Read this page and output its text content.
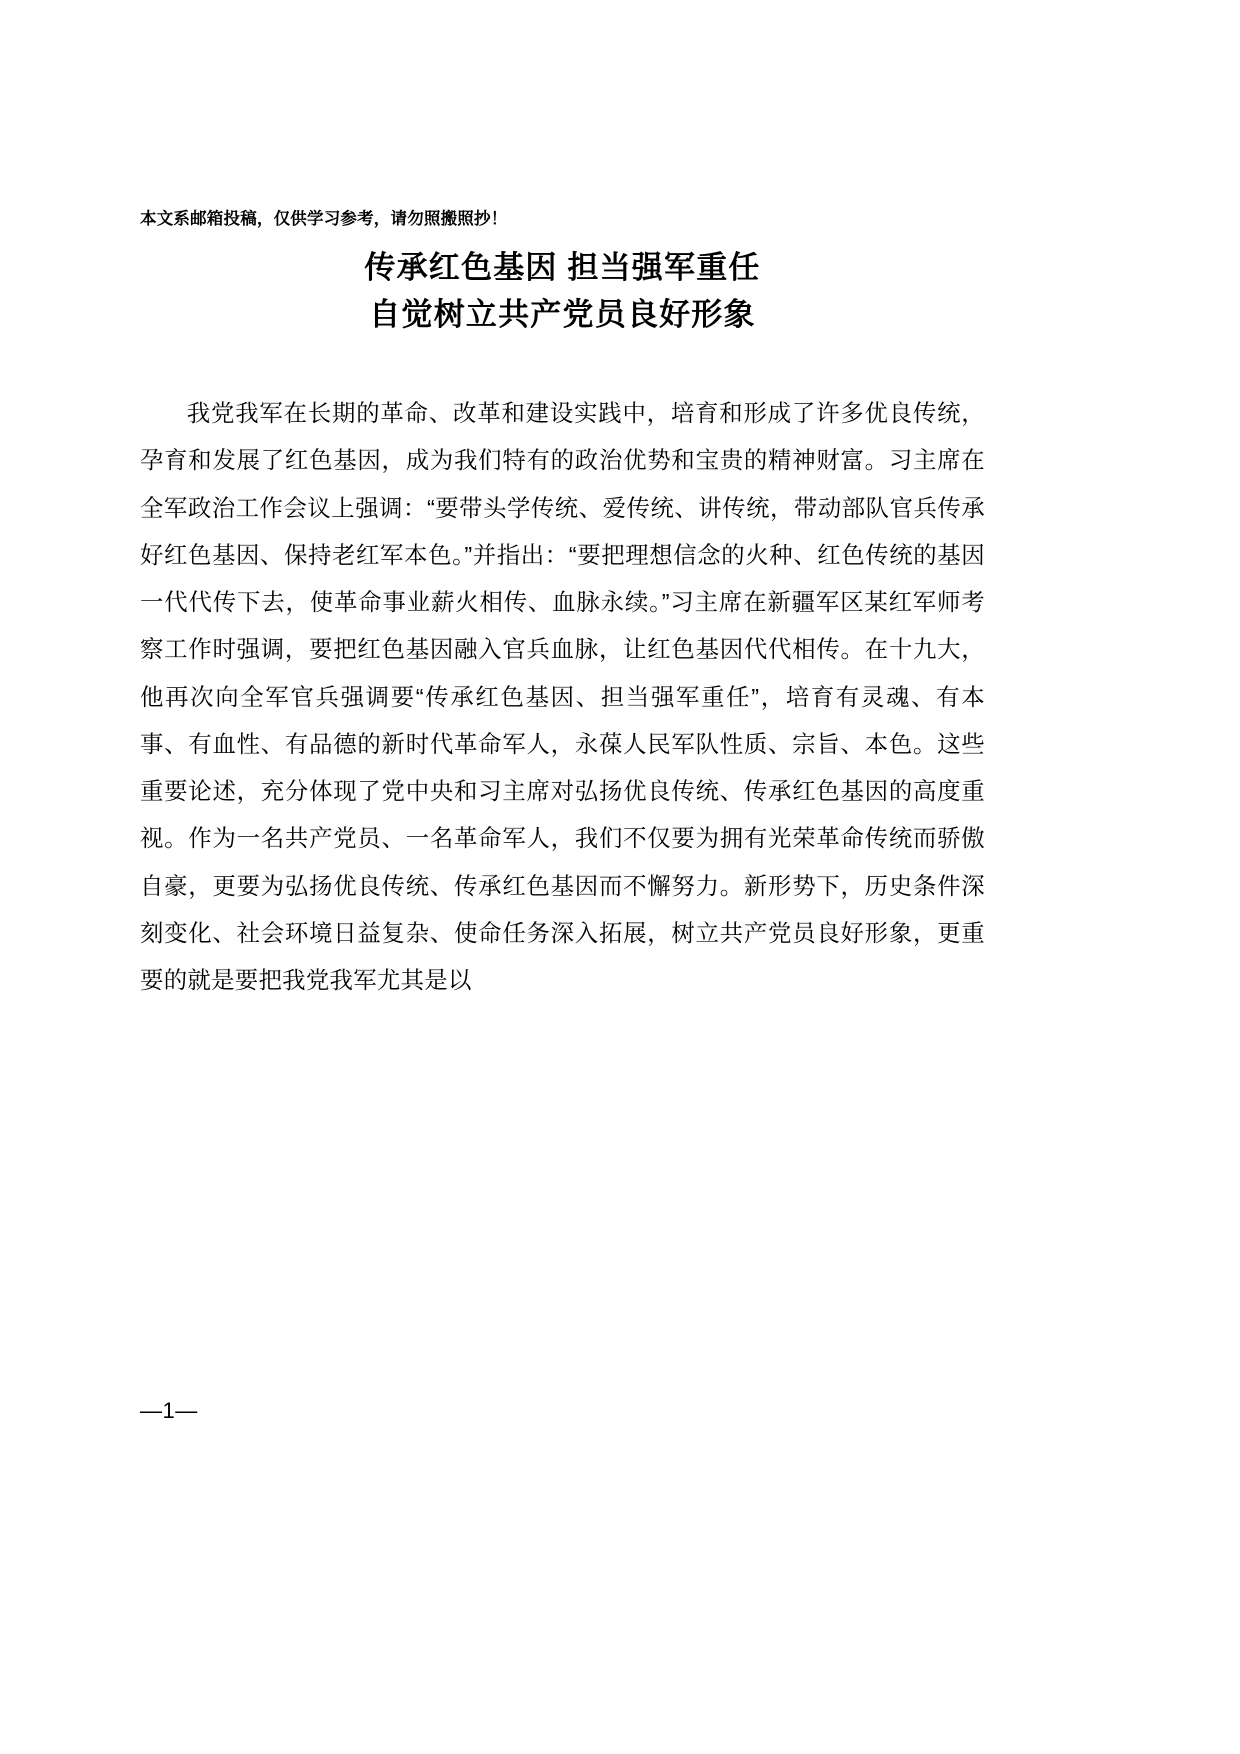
本文系邮箱投稿，仅供学习参考，请勿照搬照抄！
传承红色基因 担当强军重任
自觉树立共产党员良好形象

我党我军在长期的革命、改革和建设实践中，培育和形成了许多优良传统，孕育和发展了红色基因，成为我们特有的政治优势和宝贵的精神财富。习主席在全军政治工作会议上强调：“要带头学传统、爱传统、讲传统，带动部队官兵传承好红色基因、保持老红军本色。”并指出：“要把理想信念的火种、红色传统的基因一代代传下去，使革命事业薪火相传、血脉永续。”习主席在新疆军区某红军师考察工作时强调，要把红色基因融入官兵血脉，让红色基因代代相传。在十九大，他再次向全军官兵强调要“传承红色基因、担当强军重任”，培育有灵魂、有本事、有血性、有品德的新时代革命军人，永葆人民军队性质、宗旨、本色。这些重要论述，充分体现了党中央和习主席对弘扬优良传统、传承红色基因的高度重视。作为一名共产党员、一名革命军人，我们不仅要为拥有光荣革命传统而骄傲自豪，更要为弘扬优良传统、传承红色基因而不懈努力。新形势下，历史条件深刻变化、社会环境日益复杂、使命任务深入拓展，树立共产党员良好形象，更重要的就是要把我党我军尤其是以

—1—
